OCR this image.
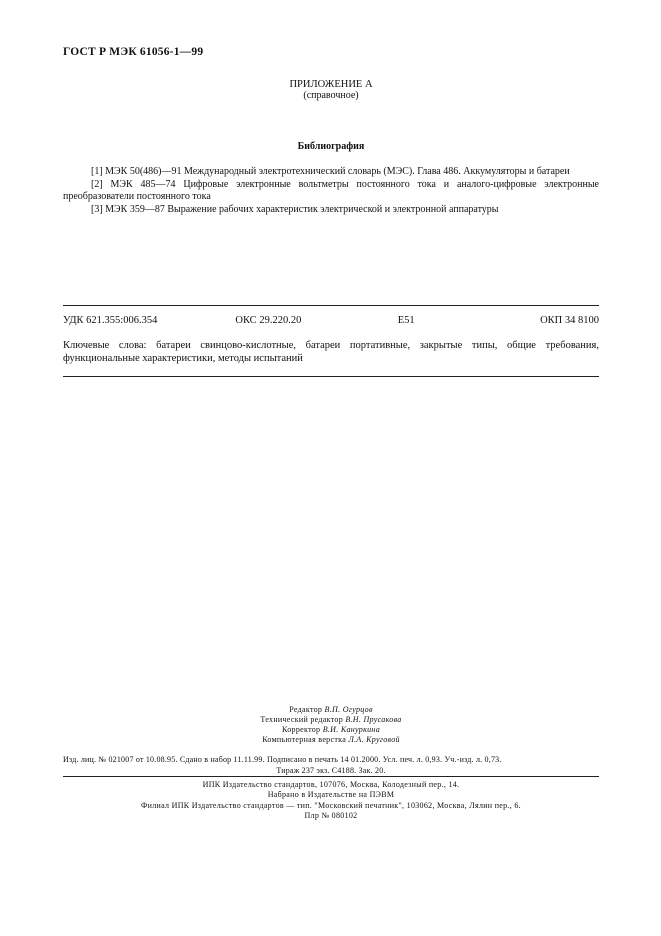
ГОСТ Р МЭК 61056-1—99
ПРИЛОЖЕНИЕ А
(справочное)
Библиография

[1] МЭК 50(486)—91 Международный электротехнический словарь (МЭС). Глава 486. Аккумуляторы и батареи

[2] МЭК 485—74 Цифровые электронные вольтметры постоянного тока и аналого-цифровые электронные преобразователи постоянного тока

[3] МЭК 359—87 Выражение рабочих характеристик электрической и электронной аппаратуры

УДК 621.355:006.354	ОКС 29.220.20	Е51	ОКП 34 8100
Ключевые слова: батареи свинцово-кислотные, батареи портативные, закрытые типы, общие требования, функциональные характеристики, методы испытаний
Редактор В.П. Огурцов
Технический редактор В.Н. Прусакова
Корректор В.И. Кануркина
Компьютерная верстка Л.А. Круговой
Изд. лиц. № 021007 от 10.08.95. Сдано в набор 11.11.99. Подписано в печать 14 01.2000. Усл. печ. л. 0,93. Уч.-изд. л. 0,73.
Тираж 237 экз. С4188. Зак. 20.
ИПК Издательство стандартов, 107076, Москва, Колодезный пер., 14.
Набрано в Издательстве на ПЭВМ
Филиал ИПК Издательство стандартов — тип. "Московский печатник", 103062, Москва, Лялин пер., 6.
Плр № 080102
